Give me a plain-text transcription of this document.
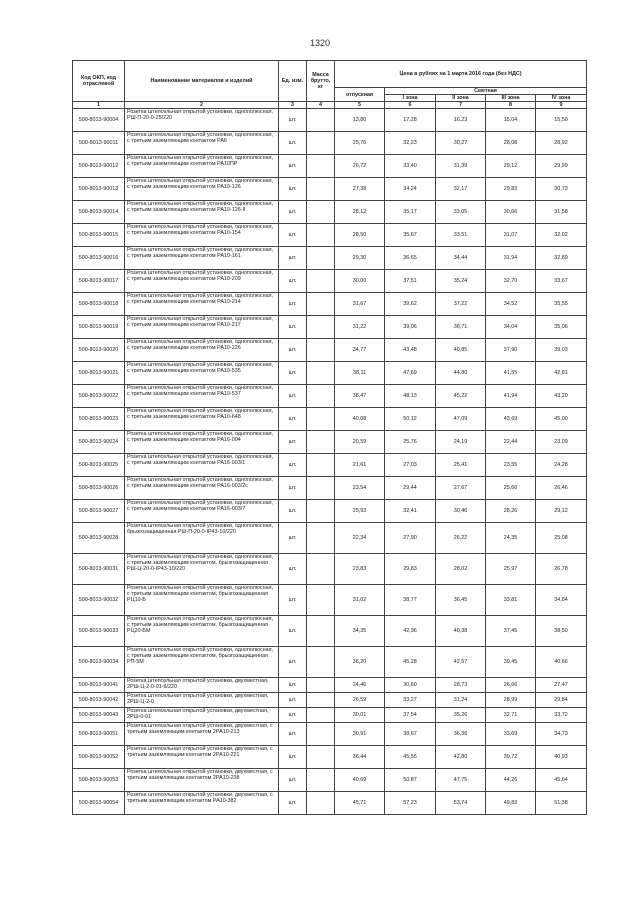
1320
Код ОКП, код отраслевой	Наименование материалов и изделий	Ед. изм.	Масса брутто, кг	Цена в рублях на 1 марта 2016 года (без НДС)				
				отпускная	Сметная			
					I зона	II зона	III зона	IV зона
1	2	3	4	5	6	7	8	9
500-8013-90004	Розетка штепсельная открытой установки, однополюсная, РШ-П-20-0-25/220	шт.		13,80	17,28	16,23	15,04	15,50
500-8013-90011	Розетка штепсельная открытой установки, однополюсная, с третьим заземляющим контактом РА6	шт.		25,76	32,23	30,27	28,08	28,92
500-8013-90012	Розетка штепсельная открытой установки, однополюсная, с третьим заземляющим контактом РА10ПР	шт.		26,72	33,40	31,39	29,12	29,99
500-8013-90013	Розетка штепсельная открытой установки, однополюсная, с третьим заземляющим контактом РА10-126	шт.		27,38	34,24	32,17	29,83	30,73
500-8013-90014	Розетка штепсельная открытой установки, однополюсная, с третьим заземляющим контактом РА10-126-II	шт.		28,12	35,17	33,05	30,66	31,58
500-8013-90015	Розетка штепсельная открытой установки, однополюсная, с третьим заземляющим контактом РА10-154	шт.		28,50	35,67	33,51	31,07	32,02
500-8013-90016	Розетка штепсельная открытой установки, однополюсная, с третьим заземляющим контактом РА10-161	шт.		29,30	36,65	34,44	31,94	32,89
500-8013-90017	Розетка штепсельная открытой установки, однополюсная, с третьим заземляющим контактом РА10-209	шт.		30,00	37,51	35,24	32,70	33,67
500-8013-90018	Розетка штепсельная открытой установки, однополюсная, с третьим заземляющим контактом РА10-214	шт.		31,67	39,62	37,22	34,52	35,55
500-8013-90019	Розетка штепсельная открытой установки, однополюсная, с третьим заземляющим контактом РА10-217	шт.		31,22	39,06	36,71	34,04	35,06
500-8013-90020	Розетка штепсельная открытой установки, однополюсная, с третьим заземляющим контактом РА10-226	шт.		34,77	43,48	40,85	37,90	39,03
500-8013-90021	Розетка штепсельная открытой установки, однополюсная, с третьим заземляющим контактом РА10-535	шт.		38,11	47,69	44,80	41,55	42,81
500-8013-90022	Розетка штепсельная открытой установки, однополюсная, с третьим заземляющим контактом РА10-537	шт.		38,47	48,13	45,22	41,94	43,20
500-8013-90023	Розетка штепсельная открытой установки, однополюсная, с третьим заземляющим контактом РА10-648	шт.		40,08	50,12	47,09	43,69	45,00
500-8013-90024	Розетка штепсельная открытой установки, однополюсная, с третьим заземляющим контактом РА16-004	шт.		20,59	25,76	24,19	22,44	23,09
500-8013-90025	Розетка штепсельная открытой установки, однополюсная, с третьим заземляющим контактом РА16-003/1	шт.		21,61	27,03	25,41	23,55	24,28
500-8013-90026	Розетка штепсельная открытой установки, однополюсная, с третьим заземляющим контактом РА16-003/2с	шт.		23,54	29,44	27,67	25,66	26,46
500-8013-90027	Розетка штепсельная открытой установки, однополюсная, с третьим заземляющим контактом РА16-003/7	шт.		25,93	32,41	30,46	28,26	29,12
500-8013-90028	Розетка штепсельная открытой установки, однополюсная, брызгозащищенная РШ-П-20-0-IP43-10/220	шт.		22,34	27,90	26,22	24,35	25,08
500-8013-90031	Розетка штепсельная открытой установки, однополюсная, с третьим заземляющим контактом, брызгозащищенная РШ-Ц-20-0-IP43-10/220	шт.		23,83	29,83	28,02	25,97	26,78
500-8013-90032	Розетка штепсельная открытой установки, однополюсная, с третьим заземляющим контактом, брызгозащищенная РЦ10-Б	шт.		31,02	38,77	36,45	33,81	34,84
500-8013-90033	Розетка штепсельная открытой установки, однополюсная, с третьим заземляющим контактом, брызгозащищенная РЦ20-БМ	шт.		34,35	42,96	40,38	37,45	38,50
500-8013-90034	Розетка штепсельная открытой установки, однополюсная, с третьим заземляющим контактом, брызгозащищенная РП-5М	шт.		36,20	45,28	42,57	39,45	40,66
500-8013-90041	Розетка штепсельная открытой установки, двухместная, 2РШ-Ц-2-0-01-6/220	шт.		24,46	30,60	28,73	26,66	27,47
500-8013-90042	Розетка штепсельная открытой установки, двухместная, 2РШ-Ц-2-0	шт.		26,59	33,27	31,24	28,99	29,84
500-8013-90043	Розетка штепсельная открытой установки, двухместная, 2РШ-0-01	шт.		30,01	37,54	35,26	32,71	33,72
500-8013-90051	Розетка штепсельная открытой установки, двухместная, с третьим заземляющим контактом 2РА10-213	шт.		30,91	38,67	36,36	33,69	34,73
500-8013-90052	Розетка штепсельная открытой установки, двухместная, с третьим заземляющим контактом 2РА10-221	шт.		36,44	45,55	42,80	39,72	40,93
500-8013-90053	Розетка штепсельная открытой установки, двухместная, с третьим заземляющим контактом 2РА10-238	шт.		40,69	50,87	47,75	44,26	45,64
500-8013-90054	Розетка штепсельная открытой установки, двухместная, с третьим заземляющим контактом РА10-382	шт.		45,71	57,23	53,74	49,83	51,38
